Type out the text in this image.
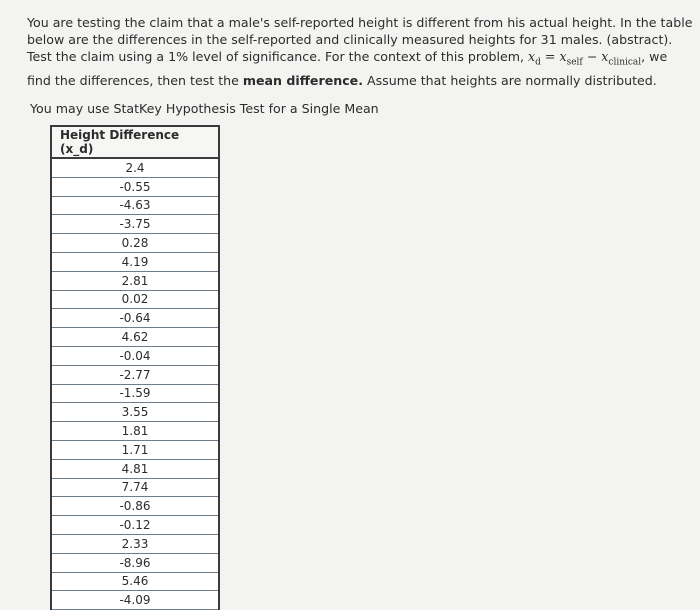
You are testing the claim that a male's self-reported height is different from his actual height. In the table below are the differences in the self-reported and clinically measured heights for 31 males. (abstract). Test the claim using a 1% level of significance. For the context of this problem, $x_d = x_{self} - x_{clinical}$, we find the differences, then test the mean difference. Assume that heights are normally distributed.
You may use StatKey Hypothesis Test for a Single Mean
Height Difference (x_d)
2.4
-0.55
-4.63
-3.75
0.28
4.19
2.81
0.02
-0.64
4.62
-0.04
-2.77
-1.59
3.55
1.81
1.71
4.81
7.74
-0.86
-0.12
2.33
-8.96
5.46
-4.09
